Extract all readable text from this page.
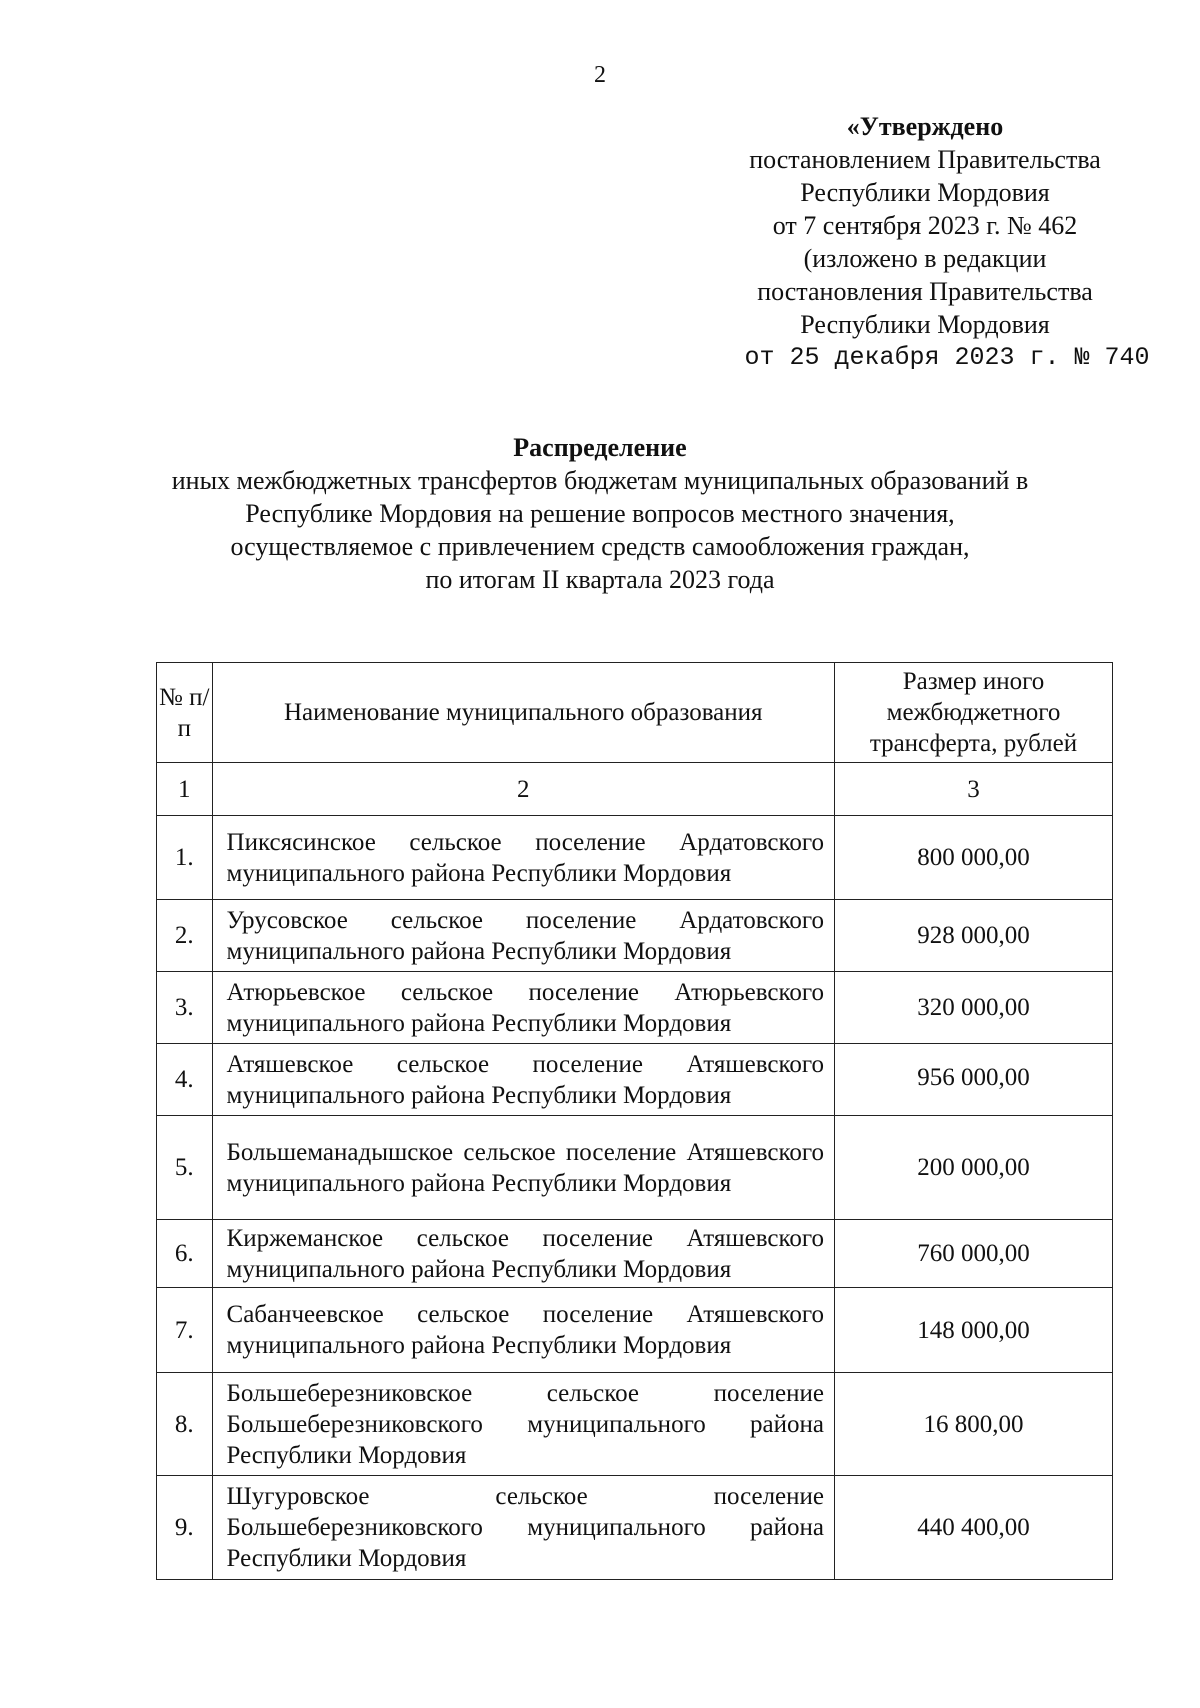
2
«Утверждено
постановлением Правительства
Республики Мордовия
от 7 сентября 2023 г. № 462
(изложено в редакции
постановления Правительства
Республики Мордовия
от 25 декабря 2023 г. № 740
Распределение
иных межбюджетных трансфертов бюджетам муниципальных образований в
Республике Мордовия на решение вопросов местного значения,
осуществляемое с привлечением средств самообложения граждан,
по итогам II квартала 2023 года
№ п/п	Наименование муниципального образования	Размер иного межбюджетного трансферта, рублей
1	2	3
1.	Пиксясинское сельское поселение Ардатовского муниципального района Республики Мордовия	800 000,00
2.	Урусовское сельское поселение Ардатовского муниципального района Республики Мордовия	928 000,00
3.	Атюрьевское сельское поселение Атюрьевского муниципального района Республики Мордовия	320 000,00
4.	Атяшевское сельское поселение Атяшевского муниципального района Республики Мордовия	956 000,00
5.	Большеманадышское сельское поселение Атяшевского муниципального района Республики Мордовия	200 000,00
6.	Киржеманское сельское поселение Атяшевского муниципального района Республики Мордовия	760 000,00
7.	Сабанчеевское сельское поселение Атяшевского муниципального района Республики Мордовия	148 000,00
8.	Большеберезниковское сельское поселение Большеберезниковского муниципального района Республики Мордовия	16 800,00
9.	Шугуровское сельское поселение Большеберезниковского муниципального района Республики Мордовия	440 400,00
